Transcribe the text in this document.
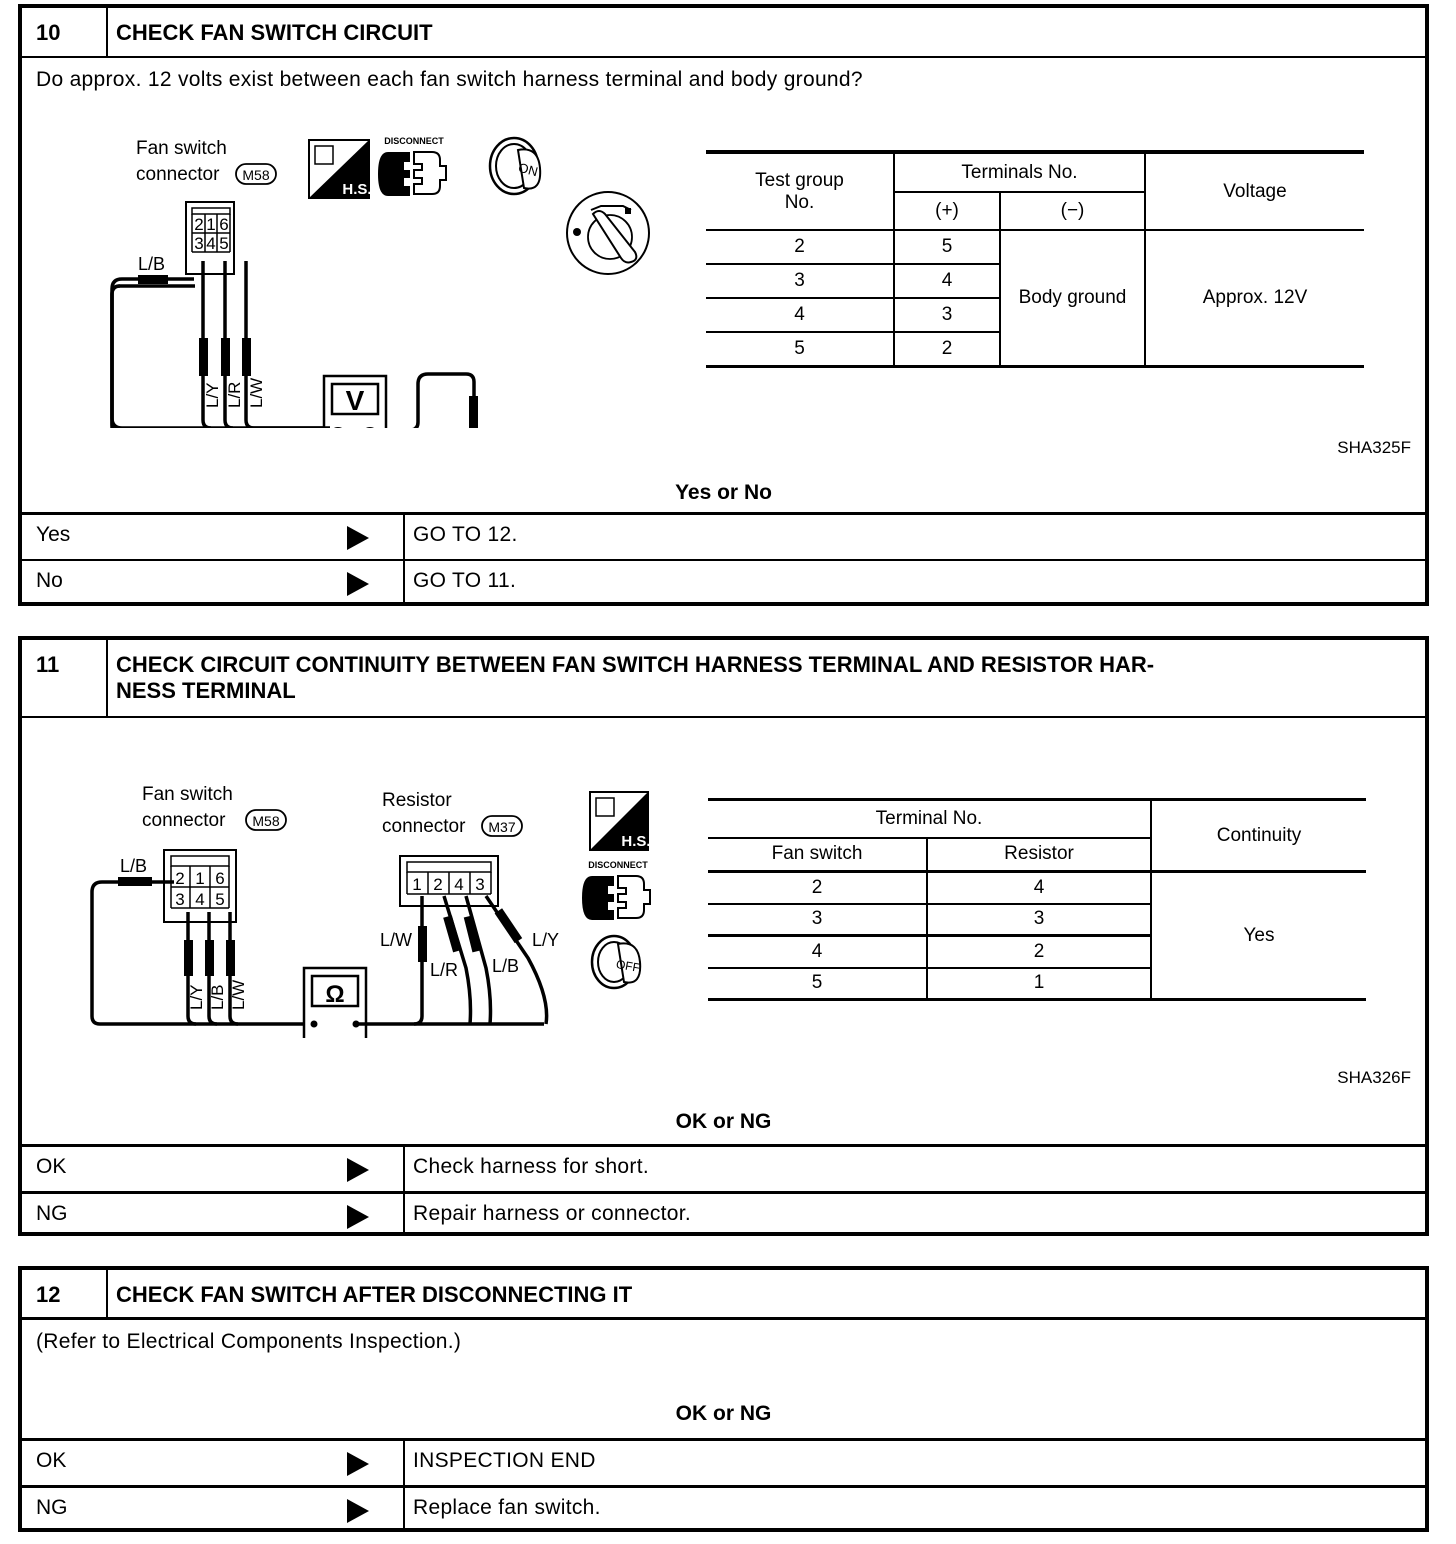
10	CHECK FAN SWITCH CIRCUIT
Do approx. 12 volts exist between each fan switch harness terminal and body ground?
Fan switch
connector M58
H.S.
DISCONNECT
ON
2 1 6
3 4 5
L/B
L/Y L/R L/W	V
Test group
No.	Terminals No.		Voltage
	(+)	(−)	
2	5	Body ground	Approx. 12V
3	4		
4	3		
5	2		
SHA325F
Yes or No
Yes	GO TO 12.
No	GO TO 11.
11	CHECK CIRCUIT CONTINUITY BETWEEN FAN SWITCH HARNESS TERMINAL AND RESISTOR HAR-
NESS TERMINAL
Fan switch
connector M58
Resistor
connector M37
2 1 6
3 4 5
L/B
L/Y L/B L/W	Ω
1 2 4 3
L/W
L/R L/B
L/Y
H.S.
DISCONNECT
OFF
Terminal No.		Continuity
Fan switch	Resistor	
2	4	Yes
3	3	
4	2	
5	1	
SHA326F
OK or NG
OK	Check harness for short.
NG	Repair harness or connector.
12	CHECK FAN SWITCH AFTER DISCONNECTING IT
(Refer to Electrical Components Inspection.)
OK or NG
OK	INSPECTION END
NG	Replace fan switch.
